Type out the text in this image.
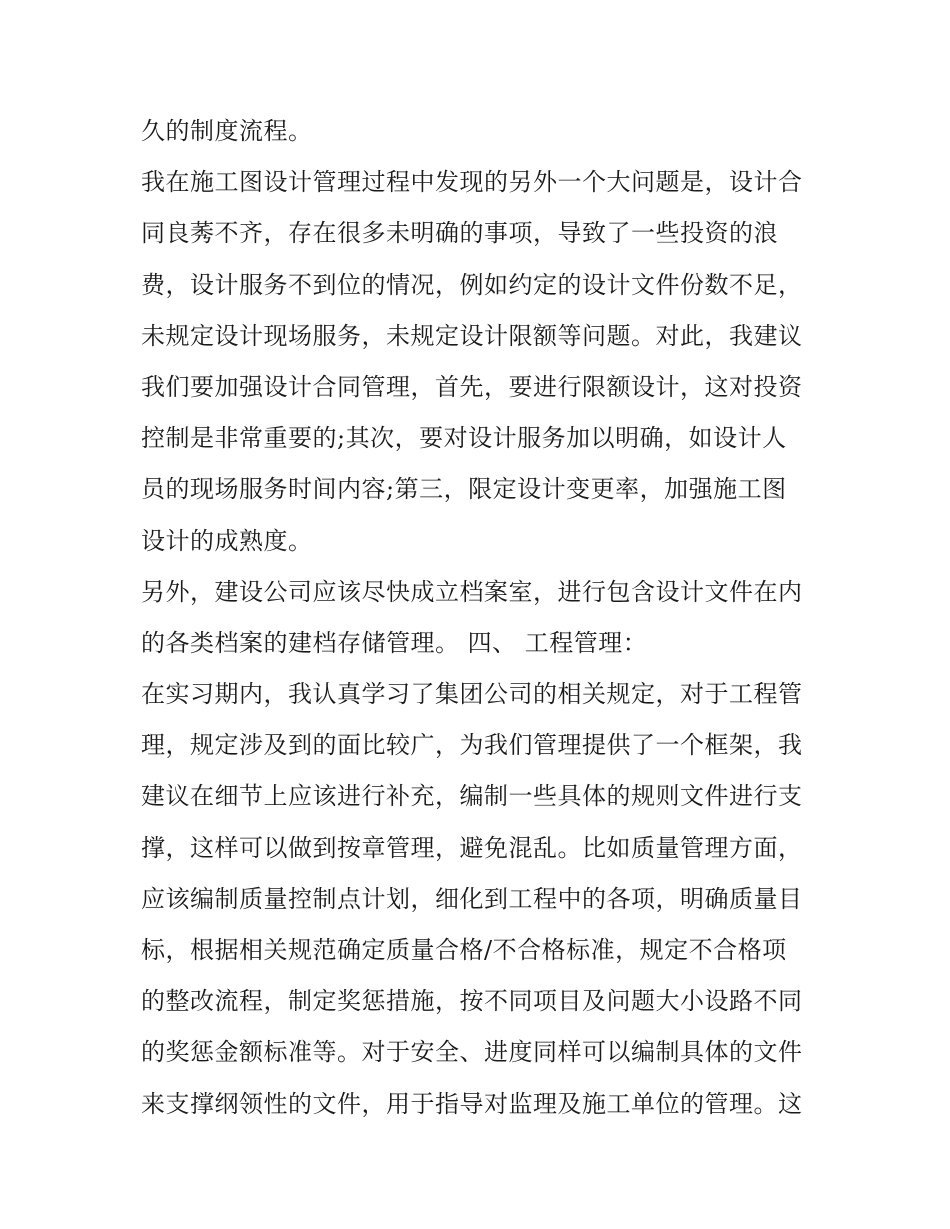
久的制度流程。
我在施工图设计管理过程中发现的另外一个大问题是，设计合
同良莠不齐，存在很多未明确的事项，导致了一些投资的浪
费，设计服务不到位的情况，例如约定的设计文件份数不足，
未规定设计现场服务，未规定设计限额等问题。对此，我建议
我们要加强设计合同管理，首先，要进行限额设计，这对投资
控制是非常重要的;其次，要对设计服务加以明确，如设计人
员的现场服务时间内容;第三，限定设计变更率，加强施工图
设计的成熟度。
另外，建设公司应该尽快成立档案室，进行包含设计文件在内
的各类档案的建档存储管理。 四、 工程管理：
在实习期内，我认真学习了集团公司的相关规定，对于工程管
理，规定涉及到的面比较广，为我们管理提供了一个框架，我
建议在细节上应该进行补充，编制一些具体的规则文件进行支
撑，这样可以做到按章管理，避免混乱。比如质量管理方面，
应该编制质量控制点计划，细化到工程中的各项，明确质量目
标，根据相关规范确定质量合格/不合格标准，规定不合格项
的整改流程，制定奖惩措施，按不同项目及问题大小设路不同
的奖惩金额标准等。对于安全、进度同样可以编制具体的文件
来支撑纲领性的文件，用于指导对监理及施工单位的管理。这
